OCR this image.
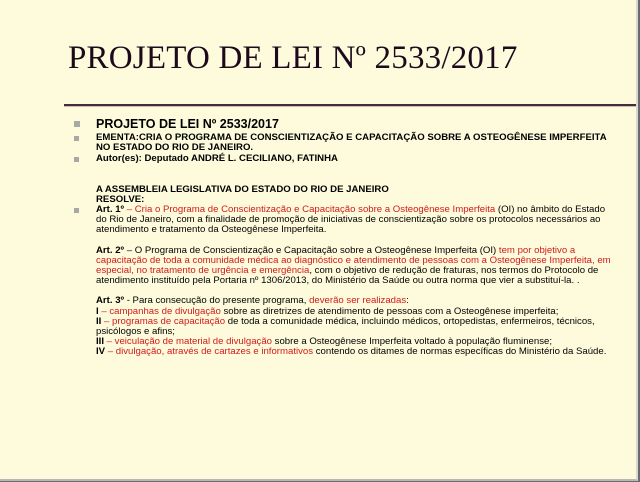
PROJETO DE LEI Nº 2533/2017
PROJETO DE LEI Nº 2533/2017
EMENTA:CRIA O PROGRAMA DE CONSCIENTIZAÇÃO E CAPACITAÇÃO SOBRE A OSTEOGÊNESE IMPERFEITA NO ESTADO DO RIO DE JANEIRO.
Autor(es): Deputado ANDRÉ L. CECILIANO, FATINHA
A ASSEMBLEIA LEGISLATIVA DO ESTADO DO RIO DE JANEIRO
RESOLVE:
Art. 1º – Cria o Programa de Conscientização e Capacitação sobre a Osteogênese Imperfeita (OI) no âmbito do Estado do Rio de Janeiro, com a finalidade de promoção de iniciativas de conscientização sobre os protocolos necessários ao atendimento e tratamento da Osteogênese Imperfeita.
Art. 2º – O Programa de Conscientização e Capacitação sobre a Osteogênese Imperfeita (OI) tem por objetivo a capacitação de toda a comunidade médica ao diagnóstico e atendimento de pessoas com a Osteogênese Imperfeita, em especial, no tratamento de urgência e emergência, com o objetivo de redução de fraturas, nos termos do Protocolo de atendimento instituído pela Portaria nº 1306/2013, do Ministério da Saúde ou outra norma que vier a substituí-la. .
Art. 3º - Para consecução do presente programa, deverão ser realizadas:
I – campanhas de divulgação sobre as diretrizes de atendimento de pessoas com a Osteogênese imperfeita;
II – programas de capacitação de toda a comunidade médica, incluindo médicos, ortopedistas, enfermeiros, técnicos, psicólogos e afins;
III – veiculação de material de divulgação sobre a Osteogênese Imperfeita voltado à população fluminense;
IV – divulgação, através de cartazes e informativos contendo os ditames de normas específicas do Ministério da Saúde.
